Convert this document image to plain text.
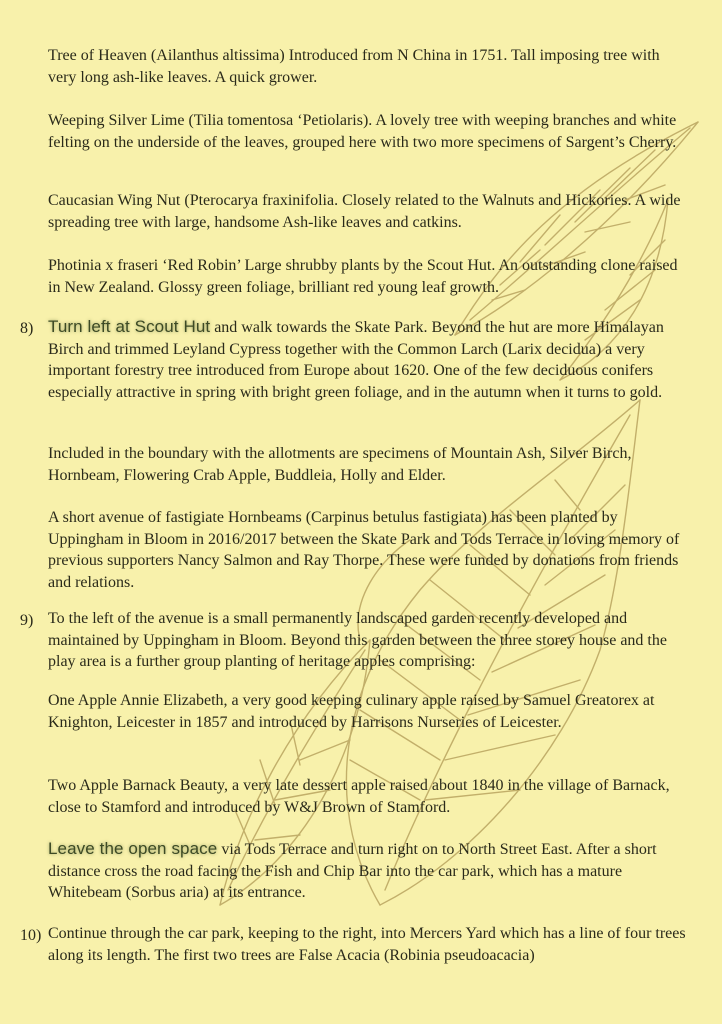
Tree of Heaven (Ailanthus altissima) Introduced from N China in 1751. Tall imposing tree with very long ash-like leaves. A quick grower.

Weeping Silver Lime (Tilia tomentosa ‘Petiolaris). A lovely tree with weeping branches and white felting on the underside of the leaves, grouped here with two more specimens of Sargent’s Cherry.

Caucasian Wing Nut (Pterocarya fraxinifolia. Closely related to the Walnuts and Hickories. A wide spreading tree with large, handsome Ash-like leaves and catkins.

Photinia x fraseri ‘Red Robin’ Large shrubby plants by the Scout Hut. An outstanding clone raised in New Zealand. Glossy green foliage, brilliant red young leaf growth.

8) Turn left at Scout Hut and walk towards the Skate Park. Beyond the hut are more Himalayan Birch and trimmed Leyland Cypress together with the Common Larch (Larix decidua) a very important forestry tree introduced from Europe about 1620. One of the few deciduous conifers especially attractive in spring with bright green foliage, and in the autumn when it turns to gold.

Included in the boundary with the allotments are specimens of Mountain Ash, Silver Birch, Hornbeam, Flowering Crab Apple, Buddleia, Holly and Elder.

A short avenue of fastigiate Hornbeams (Carpinus betulus fastigiata) has been planted by Uppingham in Bloom in 2016/2017 between the Skate Park and Tods Terrace in loving memory of previous supporters Nancy Salmon and Ray Thorpe. These were funded by donations from friends and relations.

9) To the left of the avenue is a small permanently landscaped garden recently developed and maintained by Uppingham in Bloom. Beyond this garden between the three storey house and the play area is a further group planting of heritage apples comprising:

One Apple Annie Elizabeth, a very good keeping culinary apple raised by Samuel Greatorex at Knighton, Leicester in 1857 and introduced by Harrisons Nurseries of Leicester.

Two Apple Barnack Beauty, a very late dessert apple raised about 1840 in the village of Barnack, close to Stamford and introduced by W&J Brown of Stamford.

Leave the open space via Tods Terrace and turn right on to North Street East. After a short distance cross the road facing the Fish and Chip Bar into the car park, which has a mature Whitebeam (Sorbus aria) at its entrance.

10) Continue through the car park, keeping to the right, into Mercers Yard which has a line of four trees along its length. The first two trees are False Acacia (Robinia pseudoacacia)
